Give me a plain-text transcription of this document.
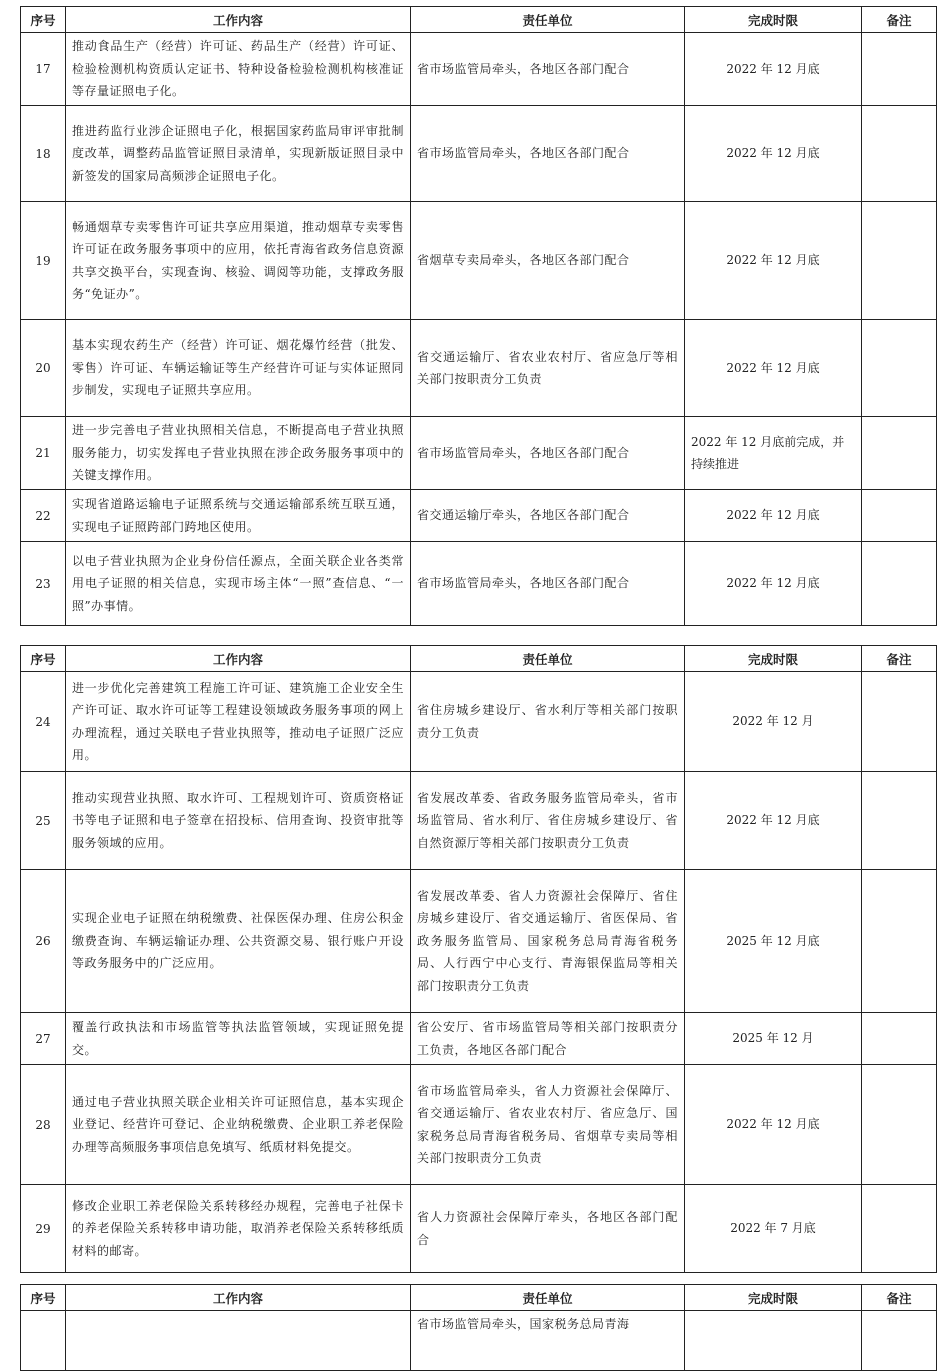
序号	工作内容	责任单位	完成时限	备注
17	推动食品生产（经营）许可证、药品生产（经营）许可证、检验检测机构资质认定证书、特种设备检验检测机构核准证等存量证照电子化。	省市场监管局牵头，各地区各部门配合	2022 年 12 月底	
18	推进药监行业涉企证照电子化，根据国家药监局审评审批制度改革，调整药品监管证照目录清单，实现新版证照目录中新签发的国家局高频涉企证照电子化。	省市场监管局牵头，各地区各部门配合	2022 年 12 月底	
19	畅通烟草专卖零售许可证共享应用渠道，推动烟草专卖零售许可证在政务服务事项中的应用，依托青海省政务信息资源共享交换平台，实现查询、核验、调阅等功能，支撑政务服务“免证办”。	省烟草专卖局牵头，各地区各部门配合	2022 年 12 月底	
20	基本实现农药生产（经营）许可证、烟花爆竹经营（批发、零售）许可证、车辆运输证等生产经营许可证与实体证照同步制发，实现电子证照共享应用。	省交通运输厅、省农业农村厅、省应急厅等相关部门按职责分工负责	2022 年 12 月底	
21	进一步完善电子营业执照相关信息，不断提高电子营业执照服务能力，切实发挥电子营业执照在涉企政务服务事项中的关键支撑作用。	省市场监管局牵头，各地区各部门配合	2022 年 12 月底前完成，并持续推进	
22	实现省道路运输电子证照系统与交通运输部系统互联互通，实现电子证照跨部门跨地区使用。	省交通运输厅牵头，各地区各部门配合	2022 年 12 月底	
23	以电子营业执照为企业身份信任源点，全面关联企业各类常用电子证照的相关信息，实现市场主体“一照”查信息、“一照”办事情。	省市场监管局牵头，各地区各部门配合	2022 年 12 月底	
序号	工作内容	责任单位	完成时限	备注
24	进一步优化完善建筑工程施工许可证、建筑施工企业安全生产许可证、取水许可证等工程建设领域政务服务事项的网上办理流程，通过关联电子营业执照等，推动电子证照广泛应用。	省住房城乡建设厅、省水利厅等相关部门按职责分工负责	2022 年 12 月	
25	推动实现营业执照、取水许可、工程规划许可、资质资格证书等电子证照和电子签章在招投标、信用查询、投资审批等服务领域的应用。	省发展改革委、省政务服务监管局牵头，省市场监管局、省水利厅、省住房城乡建设厅、省自然资源厅等相关部门按职责分工负责	2022 年 12 月底	
26	实现企业电子证照在纳税缴费、社保医保办理、住房公积金缴费查询、车辆运输证办理、公共资源交易、银行账户开设等政务服务中的广泛应用。	省发展改革委、省人力资源社会保障厅、省住房城乡建设厅、省交通运输厅、省医保局、省政务服务监管局、国家税务总局青海省税务局、人行西宁中心支行、青海银保监局等相关部门按职责分工负责	2025 年 12 月底	
27	覆盖行政执法和市场监管等执法监管领域，实现证照免提交。	省公安厅、省市场监管局等相关部门按职责分工负责，各地区各部门配合	2025 年 12 月	
28	通过电子营业执照关联企业相关许可证照信息，基本实现企业登记、经营许可登记、企业纳税缴费、企业职工养老保险办理等高频服务事项信息免填写、纸质材料免提交。	省市场监管局牵头，省人力资源社会保障厅、省交通运输厅、省农业农村厅、省应急厅、国家税务总局青海省税务局、省烟草专卖局等相关部门按职责分工负责	2022 年 12 月底	
29	修改企业职工养老保险关系转移经办规程，完善电子社保卡的养老保险关系转移申请功能，取消养老保险关系转移纸质材料的邮寄。	省人力资源社会保障厅牵头，各地区各部门配合	2022 年 7 月底	
序号	工作内容	责任单位	完成时限	备注
		省市场监管局牵头，国家税务总局青海		
